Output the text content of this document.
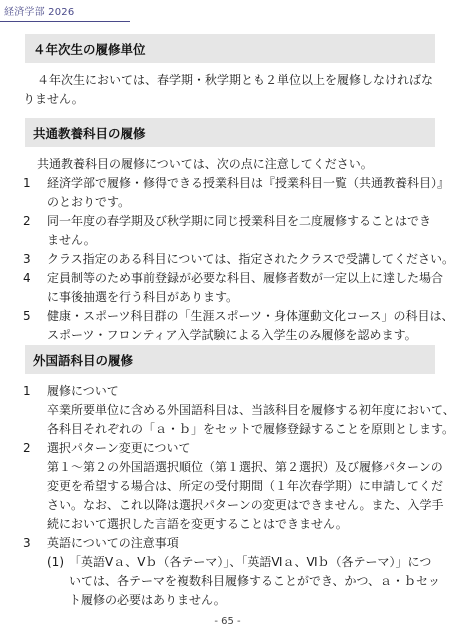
経済学部 2026
４年次生の履修単位
４年次生においては、春学期・秋学期とも２単位以上を履修しなければな
りません。
共通教養科目の履修
共通教養科目の履修については、次の点に注意してください。
1 経済学部で履修・修得できる授業科目は『授業科目一覧（共通教養科目）』
のとおりです。
2 同一年度の春学期及び秋学期に同じ授業科目を二度履修することはでき
ません。
3 クラス指定のある科目については、指定されたクラスで受講してください。
4 定員制等のため事前登録が必要な科目、履修者数が一定以上に達した場合
に事後抽選を行う科目があります。
5 健康・スポーツ科目群の「生涯スポーツ・身体運動文化コース」の科目は、
スポーツ・フロンティア入学試験による入学生のみ履修を認めます。
外国語科目の履修
1 履修について
卒業所要単位に含める外国語科目は、当該科目を履修する初年度において、
各科目それぞれの「ａ・ｂ」をセットで履修登録することを原則とします。
2 選択パターン変更について
第１～第２の外国語選択順位（第１選択、第２選択）及び履修パターンの
変更を希望する場合は、所定の受付期間（１年次春学期）に申請してくだ
さい。なお、これ以降は選択パターンの変更はできません。また、入学手
続において選択した言語を変更することはできません。
3 英語についての注意事項
(1) 「英語Ⅴａ、Ⅴｂ（各テーマ）」、「英語Ⅵａ、Ⅵｂ（各テーマ）」につ
いては、各テーマを複数科目履修することができ、かつ、ａ・ｂセッ
ト履修の必要はありません。
- 65 -
